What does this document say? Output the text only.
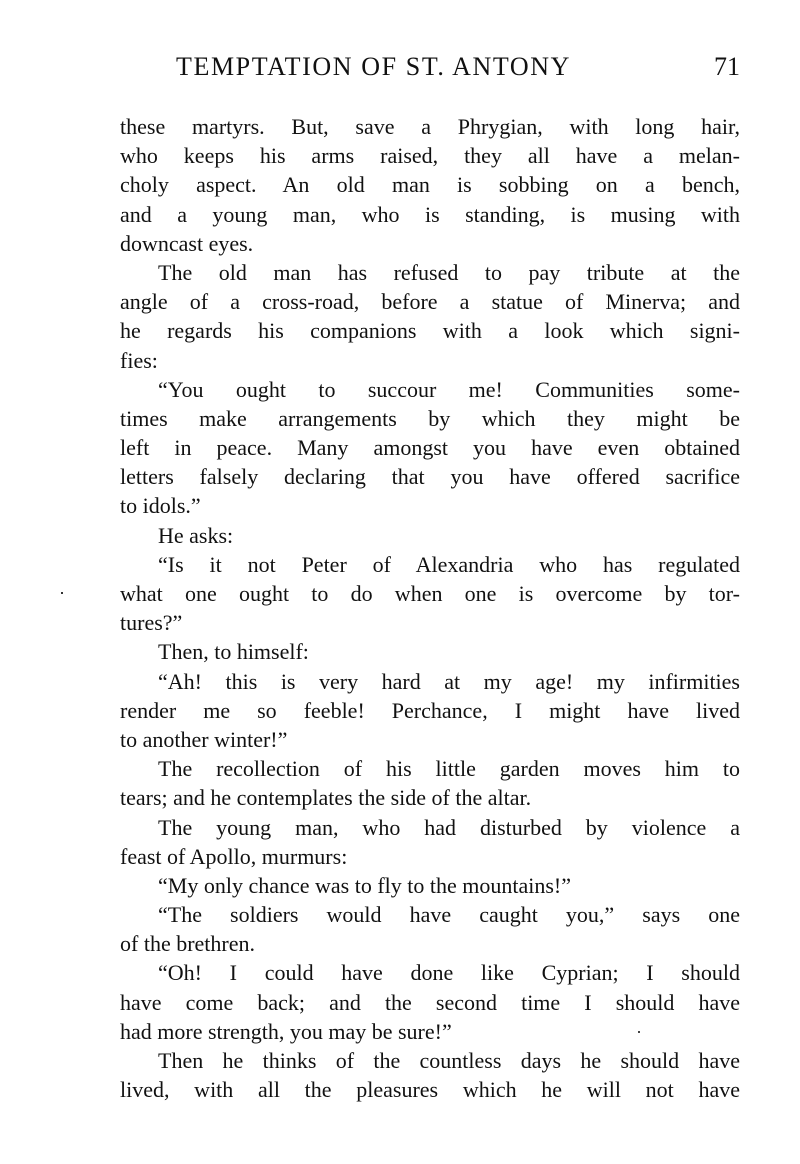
TEMPTATION OF ST. ANTONY	71
these martyrs. But, save a Phrygian, with long hair,
who keeps his arms raised, they all have a melan-
choly aspect. An old man is sobbing on a bench,
and a young man, who is standing, is musing with
downcast eyes.
The old man has refused to pay tribute at the
angle of a cross-road, before a statue of Minerva; and
he regards his companions with a look which signi-
fies:
“You ought to succour me! Communities some-
times make arrangements by which they might be
left in peace. Many amongst you have even obtained
letters falsely declaring that you have offered sacrifice
to idols.”
He asks:
“Is it not Peter of Alexandria who has regulated
what one ought to do when one is overcome by tor-
tures?”
Then, to himself:
“Ah! this is very hard at my age! my infirmities
render me so feeble! Perchance, I might have lived
to another winter!”
The recollection of his little garden moves him to
tears; and he contemplates the side of the altar.
The young man, who had disturbed by violence a
feast of Apollo, murmurs:
“My only chance was to fly to the mountains!”
“The soldiers would have caught you,” says one
of the brethren.
“Oh! I could have done like Cyprian; I should
have come back; and the second time I should have
had more strength, you may be sure!”
Then he thinks of the countless days he should have
lived, with all the pleasures which he will not have
